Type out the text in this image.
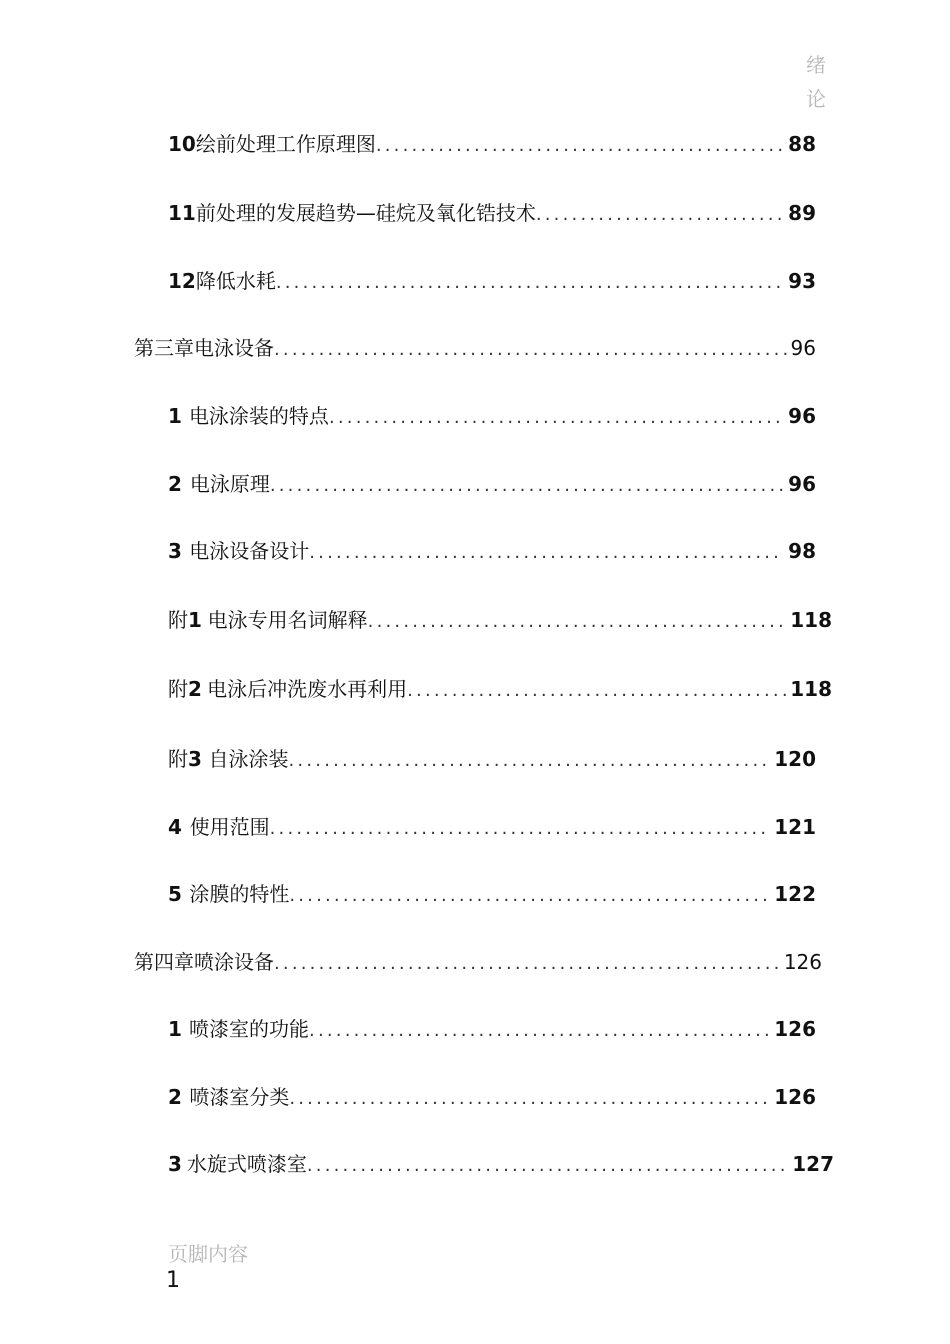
绪
论
10 绘前处理工作原理图 .....	88
11 前处理的发展趋势—硅烷及氧化锆技术 .....	89
12 降低水耗 .....	93
第三章电泳设备 .....	96
1 电泳涂装的特点 .....	96
2 电泳原理 .....	96
3 电泳设备设计 .....	98
附 1 电泳专用名词解释 .....	118
附 2 电泳后冲洗废水再利用 .....	118
附 3 自泳涂装 .....	120
4 使用范围 .....	121
5 涂膜的特性 .....	122
第四章喷涂设备 .....	126
1 喷漆室的功能 .....	126
2 喷漆室分类 .....	126
3 水旋式喷漆室 .....	127
页脚内容
1
